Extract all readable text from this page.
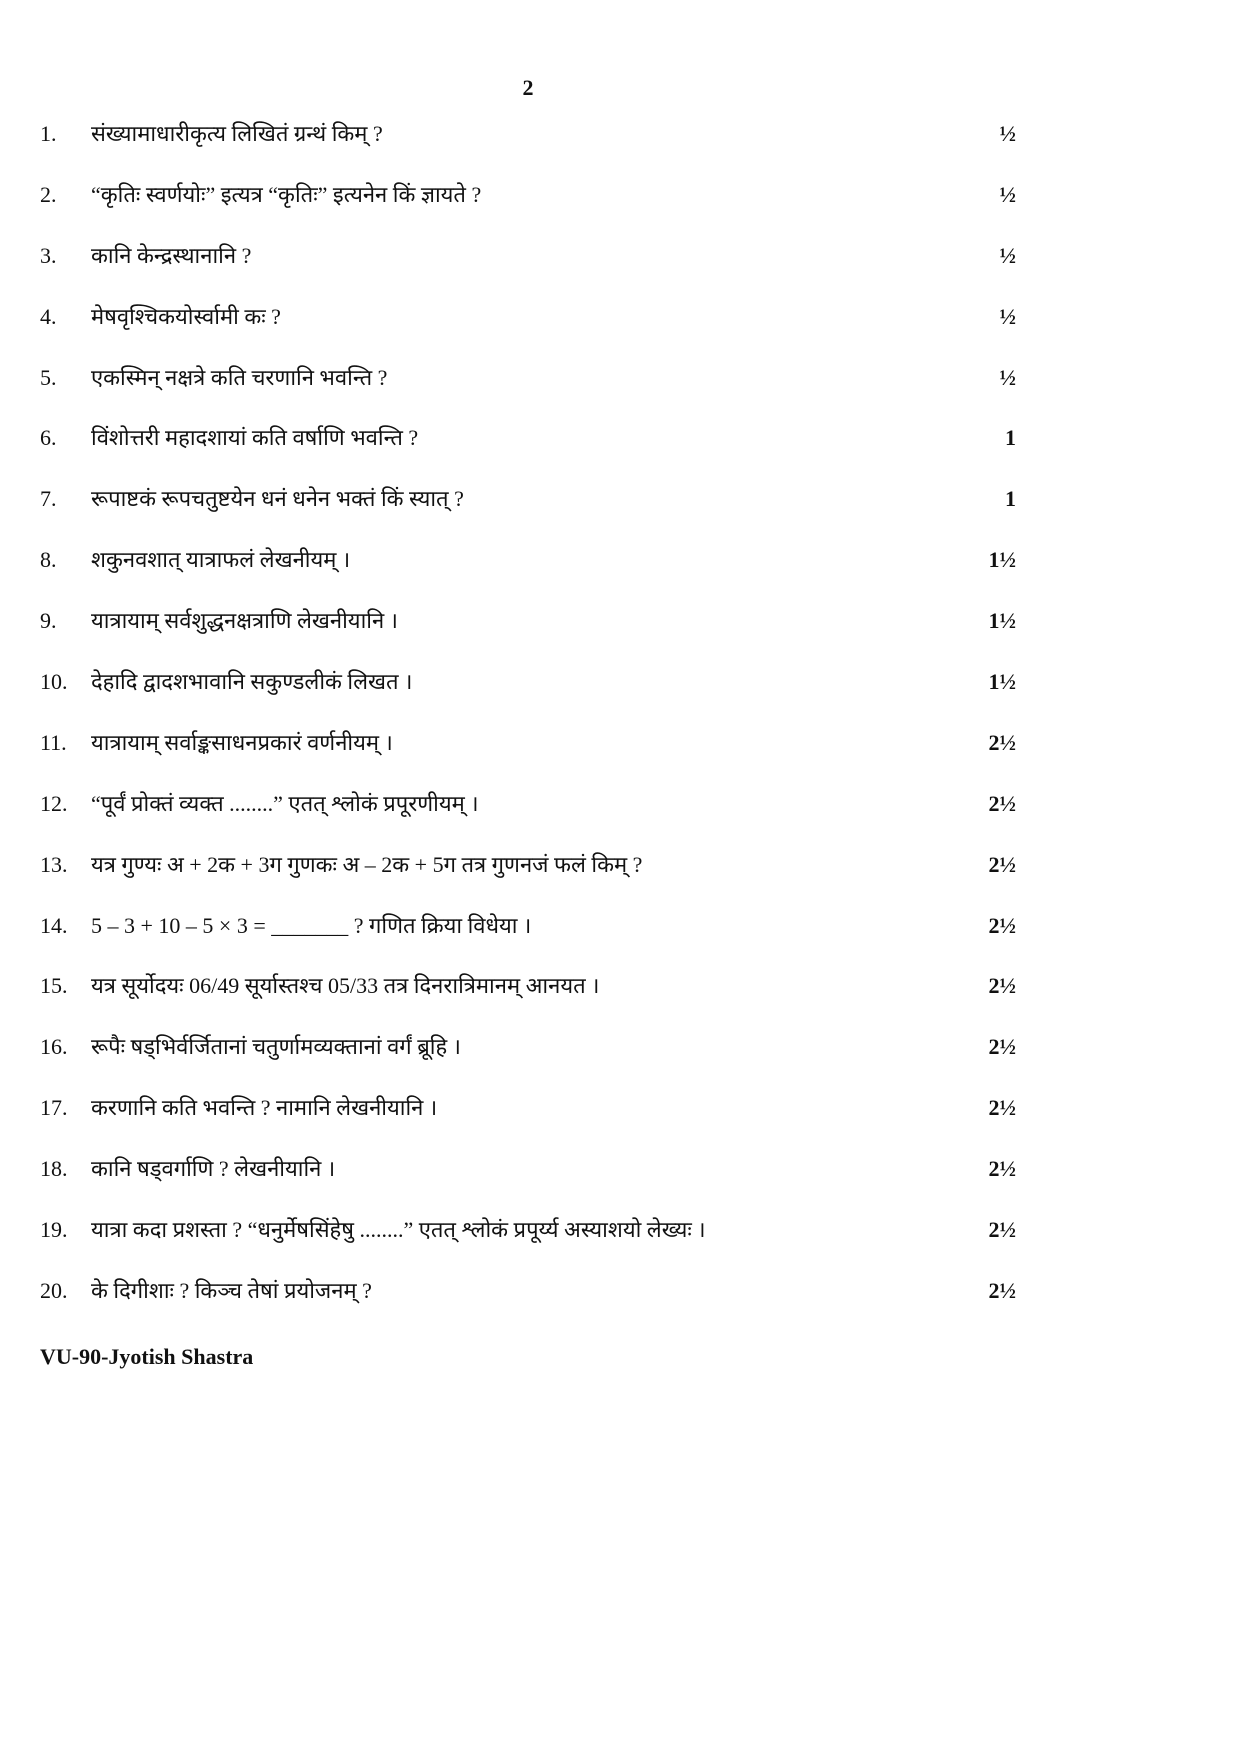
2
1.	संख्यामाधारीकृत्य लिखितं ग्रन्थं किम् ?	½
2.	“कृतिः स्वर्णयोः” इत्यत्र “कृतिः” इत्यनेन किं ज्ञायते ?	½
3.	कानि केन्द्रस्थानानि ?	½
4.	मेषवृश्चिकयोर्स्वामी कः ?	½
5.	एकस्मिन् नक्षत्रे कति चरणानि भवन्ति ?	½
6.	विंशोत्तरी महादशायां कति वर्षाणि भवन्ति ?	1
7.	रूपाष्टकं रूपचतुष्टयेन धनं धनेन भक्तं किं स्यात् ?	1
8.	शकुनवशात् यात्राफलं लेखनीयम् ।	1½
9.	यात्रायाम् सर्वशुद्धनक्षत्राणि लेखनीयानि ।	1½
10.	देहादि द्वादशभावानि सकुण्डलीकं लिखत ।	1½
11.	यात्रायाम् सर्वाङ्कसाधनप्रकारं वर्णनीयम् ।	2½
12.	“पूर्वं प्रोक्तं व्यक्त ........” एतत् श्लोकं प्रपूरणीयम् ।	2½
13.	यत्र गुण्यः अ + 2क + 3ग गुणकः अ – 2क + 5ग तत्र गुणनजं फलं किम् ?	2½
14.	5 – 3 + 10 – 5 × 3 = _______ ? गणित क्रिया विधेया ।	2½
15.	यत्र सूर्योदयः 06/49 सूर्यास्तश्च 05/33 तत्र दिनरात्रिमानम् आनयत ।	2½
16.	रूपैः षड्भिर्वर्जितानां चतुर्णामव्यक्तानां वर्गं ब्रूहि ।	2½
17.	करणानि कति भवन्ति ? नामानि लेखनीयानि ।	2½
18.	कानि षड्वर्गाणि ? लेखनीयानि ।	2½
19.	यात्रा कदा प्रशस्ता ? “धनुर्मेषसिंहेषु ........” एतत् श्लोकं प्रपूर्य्य अस्याशयो लेख्यः ।	2½
20.	के दिगीशाः ? किञ्च तेषां प्रयोजनम् ?	2½
VU-90-Jyotish Shastra
